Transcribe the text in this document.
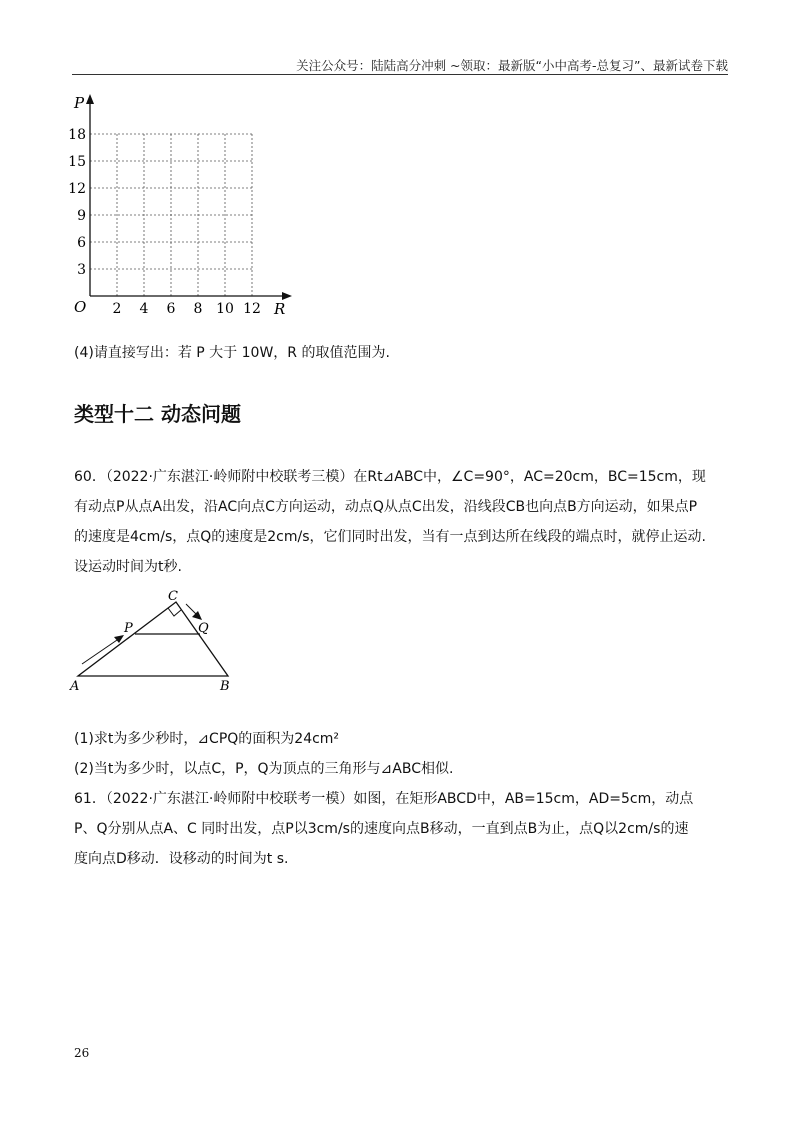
关注公众号：陆陆高分冲刺 ~领取：最新版“小中高考-总复习”、最新试卷下载
P
R
O
3
6
9
12
15
18
2 4 6 8 10 12
(4)请直接写出：若 P 大于 10W，R 的取值范围为.
类型十二 动态问题
60．（2022·广东湛江·岭师附中校联考三模）在Rt⊿ABC中，∠C=90°，AC=20cm，BC=15cm，现
有动点P从点A出发，沿AC向点C方向运动，动点Q从点C出发，沿线段CB也向点B方向运动，如果点P
的速度是4cm/s，点Q的速度是2cm/s，它们同时出发，当有一点到达所在线段的端点时，就停止运动.
设运动时间为t秒.
A	B
C
P	Q
(1)求t为多少秒时，⊿CPQ的面积为24cm²
(2)当t为多少时，以点C，P，Q为顶点的三角形与⊿ABC相似.
61．（2022·广东湛江·岭师附中校联考一模）如图，在矩形ABCD中，AB=15cm，AD=5cm，动点
P、Q分别从点A、C 同时出发，点P以3cm/s的速度向点B移动，一直到点B为止，点Q以2cm/s的速
度向点D移动．设移动的时间为t s.
26
